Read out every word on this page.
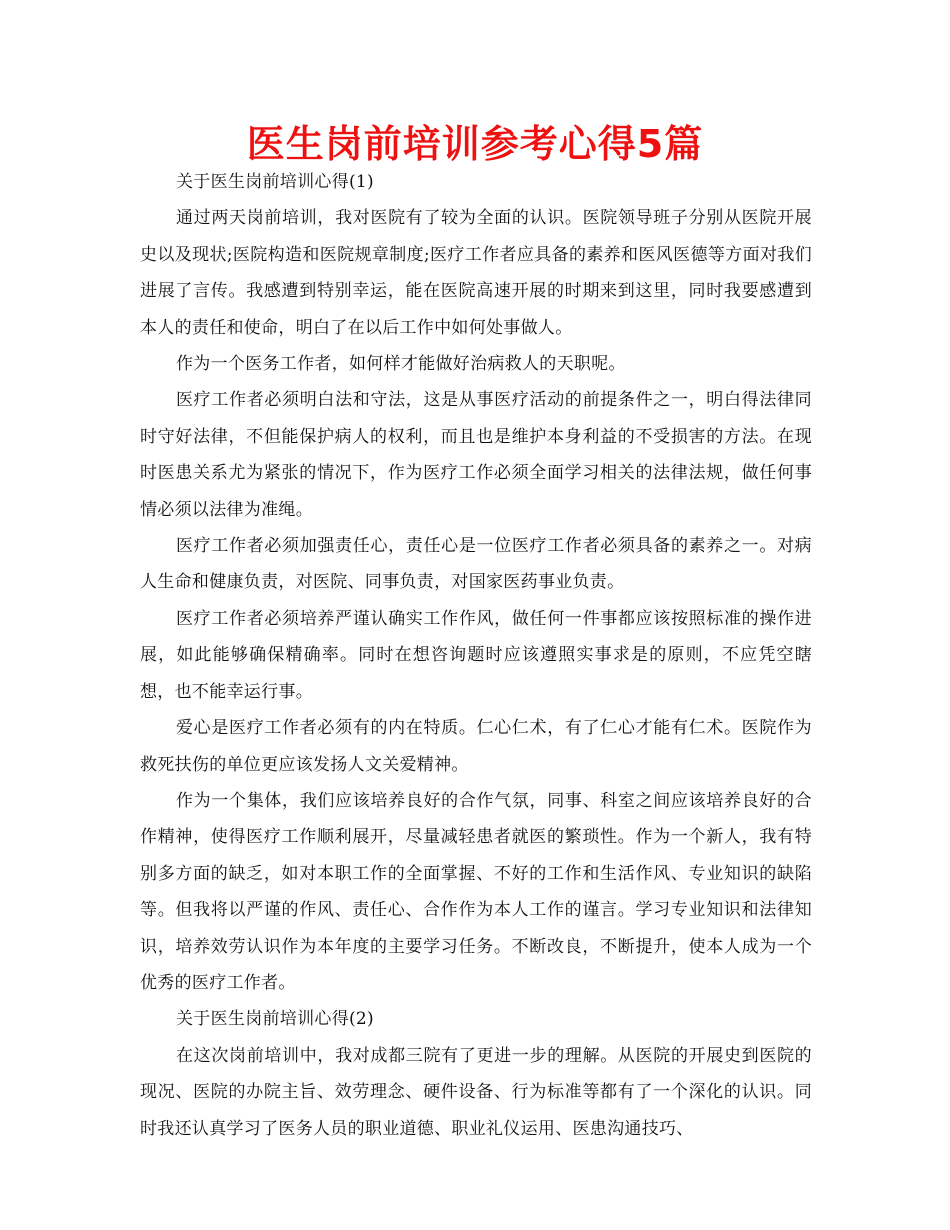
医生岗前培训参考心得5篇

关于医生岗前培训心得(1)

通过两天岗前培训，我对医院有了较为全面的认识。医院领导班子分别从医院开展史以及现状;医院构造和医院规章制度;医疗工作者应具备的素养和医风医德等方面对我们进展了言传。我感遭到特别幸运，能在医院高速开展的时期来到这里，同时我要感遭到本人的责任和使命，明白了在以后工作中如何处事做人。

作为一个医务工作者，如何样才能做好治病救人的天职呢。

医疗工作者必须明白法和守法，这是从事医疗活动的前提条件之一，明白得法律同时守好法律，不但能保护病人的权利，而且也是维护本身利益的不受损害的方法。在现时医患关系尤为紧张的情况下，作为医疗工作必须全面学习相关的法律法规，做任何事情必须以法律为准绳。

医疗工作者必须加强责任心，责任心是一位医疗工作者必须具备的素养之一。对病人生命和健康负责，对医院、同事负责，对国家医药事业负责。

医疗工作者必须培养严谨认确实工作作风，做任何一件事都应该按照标准的操作进展，如此能够确保精确率。同时在想咨询题时应该遵照实事求是的原则，不应凭空瞎想，也不能幸运行事。

爱心是医疗工作者必须有的内在特质。仁心仁术，有了仁心才能有仁术。医院作为救死扶伤的单位更应该发扬人文关爱精神。

作为一个集体，我们应该培养良好的合作气氛，同事、科室之间应该培养良好的合作精神，使得医疗工作顺利展开，尽量减轻患者就医的繁琐性。作为一个新人，我有特别多方面的缺乏，如对本职工作的全面掌握、不好的工作和生活作风、专业知识的缺陷等。但我将以严谨的作风、责任心、合作作为本人工作的谨言。学习专业知识和法律知识，培养效劳认识作为本年度的主要学习任务。不断改良，不断提升，使本人成为一个优秀的医疗工作者。

关于医生岗前培训心得(2)

在这次岗前培训中，我对成都三院有了更进一步的理解。从医院的开展史到医院的现况、医院的办院主旨、效劳理念、硬件设备、行为标准等都有了一个深化的认识。同时我还认真学习了医务人员的职业道德、职业礼仪运用、医患沟通技巧、
